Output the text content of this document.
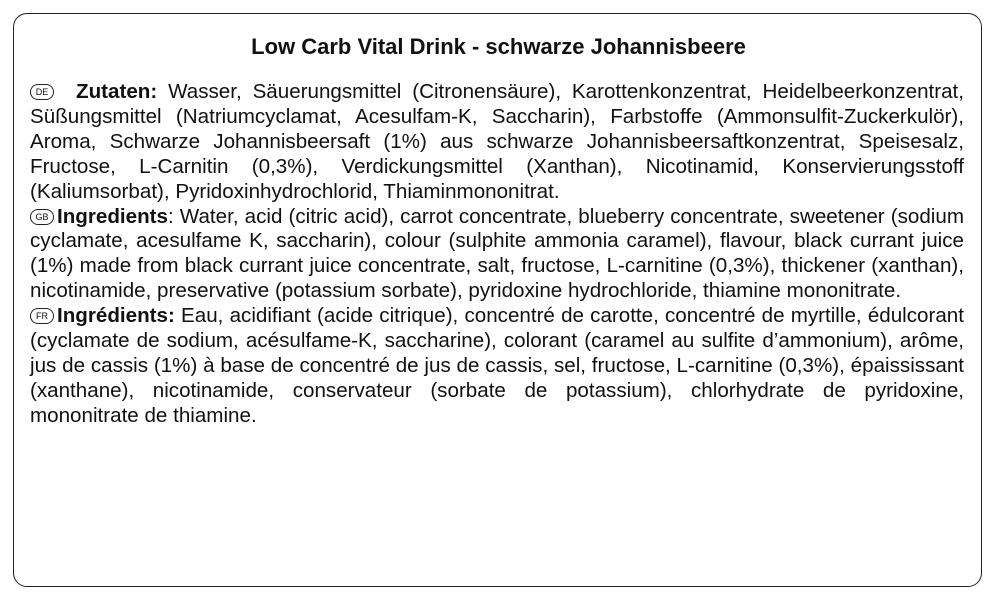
Low Carb Vital Drink - schwarze Johannisbeere
DE Zutaten: Wasser, Säuerungsmittel (Citronensäure), Karottenkonzentrat, Heidelbeerkonzentrat, Süßungsmittel (Natriumcyclamat, Acesulfam-K, Saccharin), Farbstoffe (Ammonsulfit-Zuckerkulör), Aroma, Schwarze Johannisbeersaft (1%) aus schwarze Johannisbeersaftkonzentrat, Speisesalz, Fructose, L-Carnitin (0,3%), Verdickungsmittel (Xanthan), Nicotinamid, Konservierungsstoff (Kaliumsorbat), Pyridoxinhydrochlorid, Thiaminmononitrat.
GB Ingredients: Water, acid (citric acid), carrot concentrate, blueberry concentrate, sweetener (sodium cyclamate, acesulfame K, saccharin), colour (sulphite ammonia caramel), flavour, black currant juice (1%) made from black currant juice concentrate, salt, fructose, L-carnitine (0,3%), thickener (xanthan), nicotinamide, preservative (potassium sorbate), pyridoxine hydrochloride, thiamine mononitrate.
FR Ingrédients: Eau, acidifiant (acide citrique), concentré de carotte, concentré de myrtille, édulcorant (cyclamate de sodium, acésulfame-K, saccharine), colorant (caramel au sulfite d’ammonium), arôme, jus de cassis (1%) à base de concentré de jus de cassis, sel, fructose, L-carnitine (0,3%), épaississant (xanthane), nicotinamide, conservateur (sorbate de potassium), chlorhydrate de pyridoxine, mononitrate de thiamine.
